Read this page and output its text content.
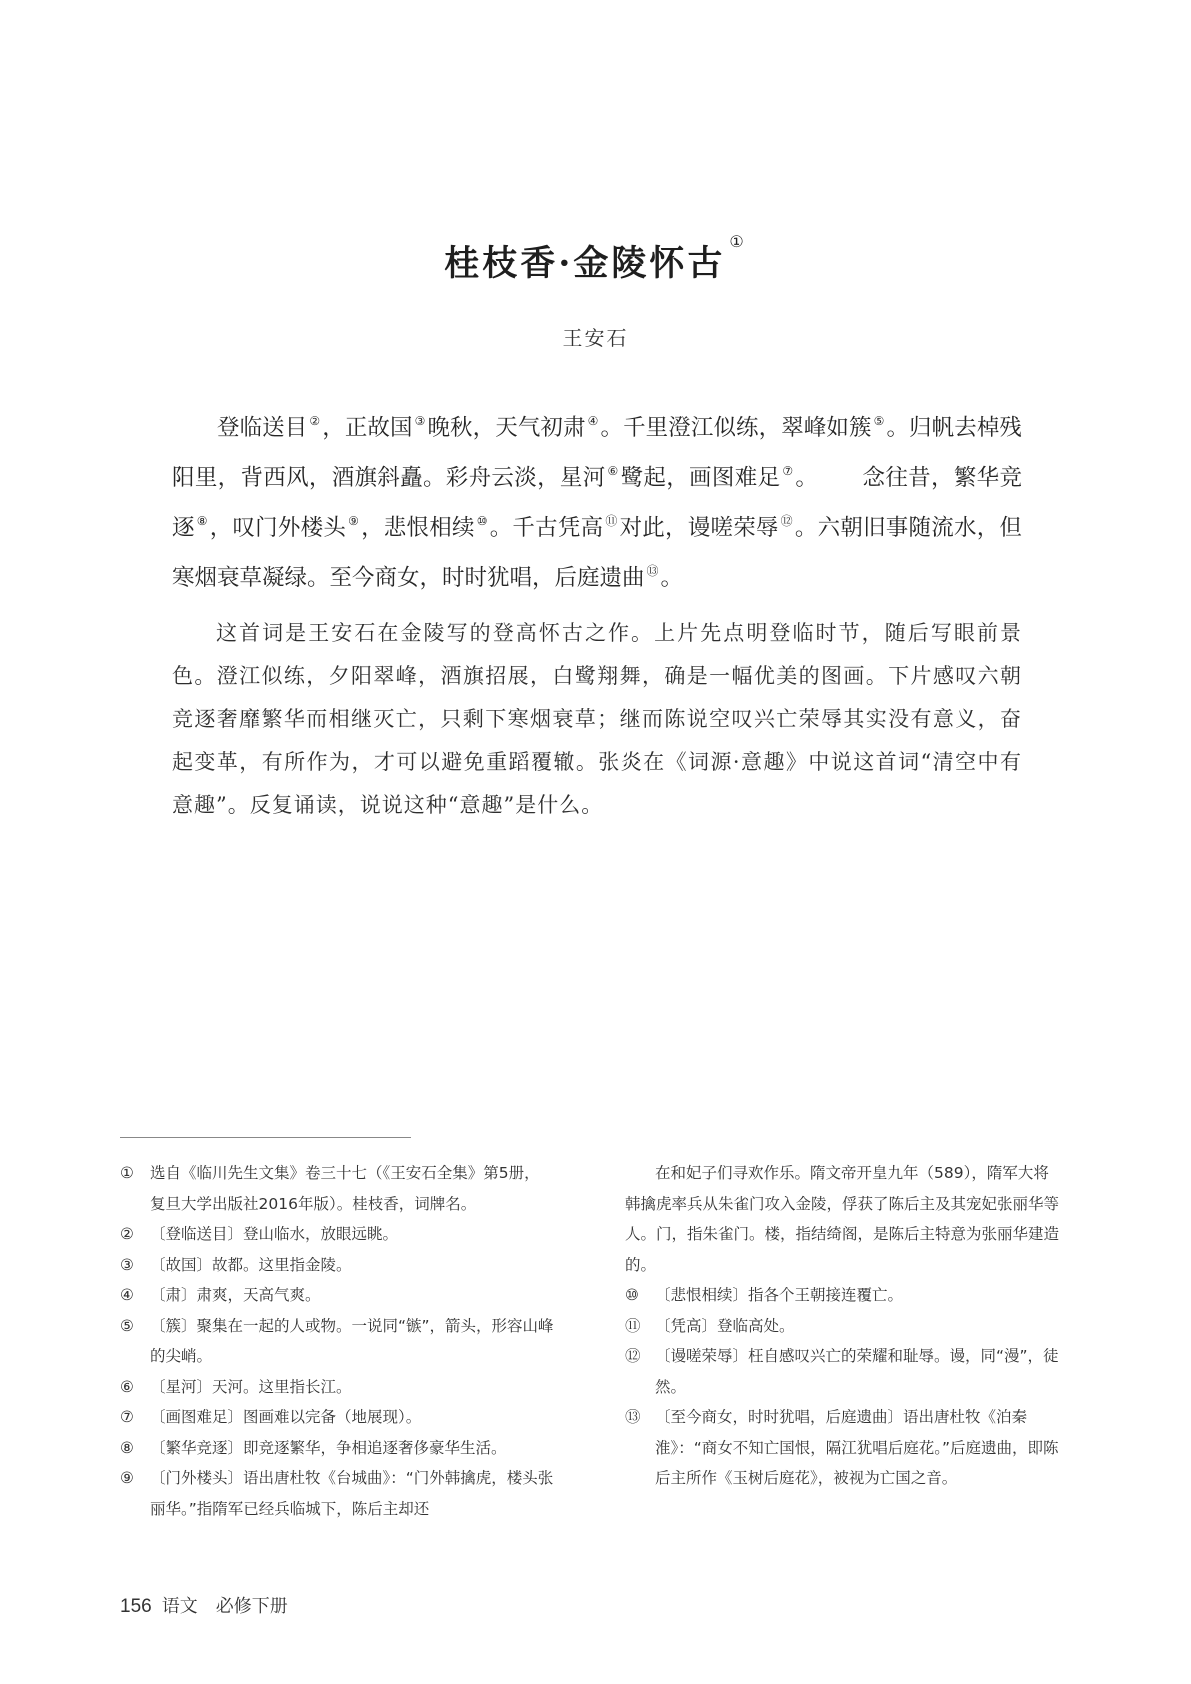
桂枝香·金陵怀古①
王安石

登临送目 ②，正故国 ③晚秋，天气初肃 ④。千里澄江似练，翠峰如簇 ⑤。归帆去棹残阳里，背西风，酒旗斜矗。彩舟云淡，星河 ⑥鹭起，画图难足 ⑦。 念往昔，繁华竞逐 ⑧，叹门外楼头 ⑨，悲恨相续 ⑩。千古凭高 ⑪对此，谩嗟荣辱 ⑫。六朝旧事随流水，但寒烟衰草凝绿。至今商女，时时犹唱，后庭遗曲 ⑬。

这首词是王安石在金陵写的登高怀古之作。上片先点明登临时节，随后写眼前景色。澄江似练，夕阳翠峰，酒旗招展，白鹭翔舞，确是一幅优美的图画。下片感叹六朝竞逐奢靡繁华而相继灭亡，只剩下寒烟衰草；继而陈说空叹兴亡荣辱其实没有意义，奋起变革，有所作为，才可以避免重蹈覆辙。张炎在《词源·意趣》中说这首词“清空中有意趣”。反复诵读，说说这种“意趣”是什么。

① 选自《临川先生文集》卷三十七（《王安石全集》第5册，复旦大学出版社2016年版）。桂枝香，词牌名。
② 〔登临送目〕登山临水，放眼远眺。
③ 〔故国〕故都。这里指金陵。
④ 〔肃〕肃爽，天高气爽。
⑤ 〔簇〕聚集在一起的人或物。一说同“镞”，箭头，形容山峰的尖峭。
⑥ 〔星河〕天河。这里指长江。
⑦ 〔画图难足〕图画难以完备（地展现）。
⑧ 〔繁华竞逐〕即竞逐繁华，争相追逐奢侈豪华生活。
⑨ 〔门外楼头〕语出唐杜牧《台城曲》：“门外韩擒虎，楼头张丽华。”指隋军已经兵临城下，陈后主却还
在和妃子们寻欢作乐。隋文帝开皇九年（589），隋军大将韩擒虎率兵从朱雀门攻入金陵，俘获了陈后主及其宠妃张丽华等人。门，指朱雀门。楼，指结绮阁，是陈后主特意为张丽华建造的。
⑩ 〔悲恨相续〕指各个王朝接连覆亡。
⑪ 〔凭高〕登临高处。
⑫ 〔谩嗟荣辱〕枉自感叹兴亡的荣耀和耻辱。谩，同“漫”，徒然。
⑬ 〔至今商女，时时犹唱，后庭遗曲〕语出唐杜牧《泊秦淮》：“商女不知亡国恨，隔江犹唱后庭花。”后庭遗曲，即陈后主所作《玉树后庭花》，被视为亡国之音。
156 语文 必修下册
